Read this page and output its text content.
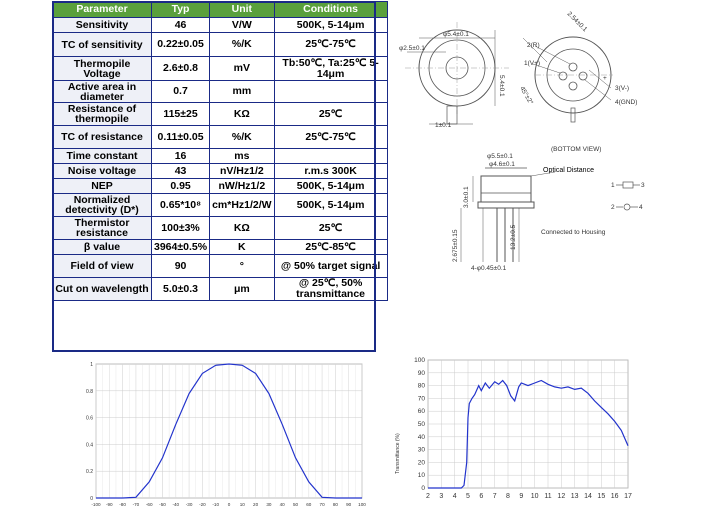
Parameter	Typ	Unit	Conditions
Sensitivity	46	V/W	500K, 5-14μm
TC of sensitivity	0.22±0.05	%/K	25℃-75℃
Thermopile Voltage	2.6±0.8	mV	Tb:50℃, Ta:25℃ 5-14μm
Active area in diameter	0.7	mm	
Resistance of thermopile	115±25	KΩ	25℃
TC of resistance	0.11±0.05	%/K	25℃-75℃
Time constant	16	ms	
Noise voltage	43	nV/Hz1/2	r.m.s 300K
NEP	0.95	nW/Hz1/2	500K, 5-14μm
Normalized detectivity (D*)	0.65*10⁸	cm*Hz1/2/W	500K, 5-14μm
Thermistor resistance	100±3%	KΩ	25℃
β value	3964±0.5%	K	25℃-85℃
Field of view	90	°	@ 50% target signal
Cut on wavelength	5.0±0.3	μm	@ 25℃, 50% transmittance
φ5.4±0.1
φ2.5±0.1
5.4±0.1
1±0.1
2.54±0.1
45°±2°
2(R)
1(V+)
3(V-)
4(GND)
+
(BOTTOM VIEW)
φ5.5±0.1
φ4.6±0.1
Optical Distance
3.0±0.1
2.675±0.15	13.2±0.5
4-φ0.45±0.1
1	3
2	4
Connected to Housing
-100 -90 -80 -70 -60 -50 -40 -30 -20 -10 0 10 20 30 40 50 60 70 80 90 100
0
0.2
0.4
0.6
0.8
1
2 3 4 5 6 7 8 9 10 11 12 13 14 15 16 17
0
10
20
30
40
50
60
70
80
90
100
Transmittance (%)
